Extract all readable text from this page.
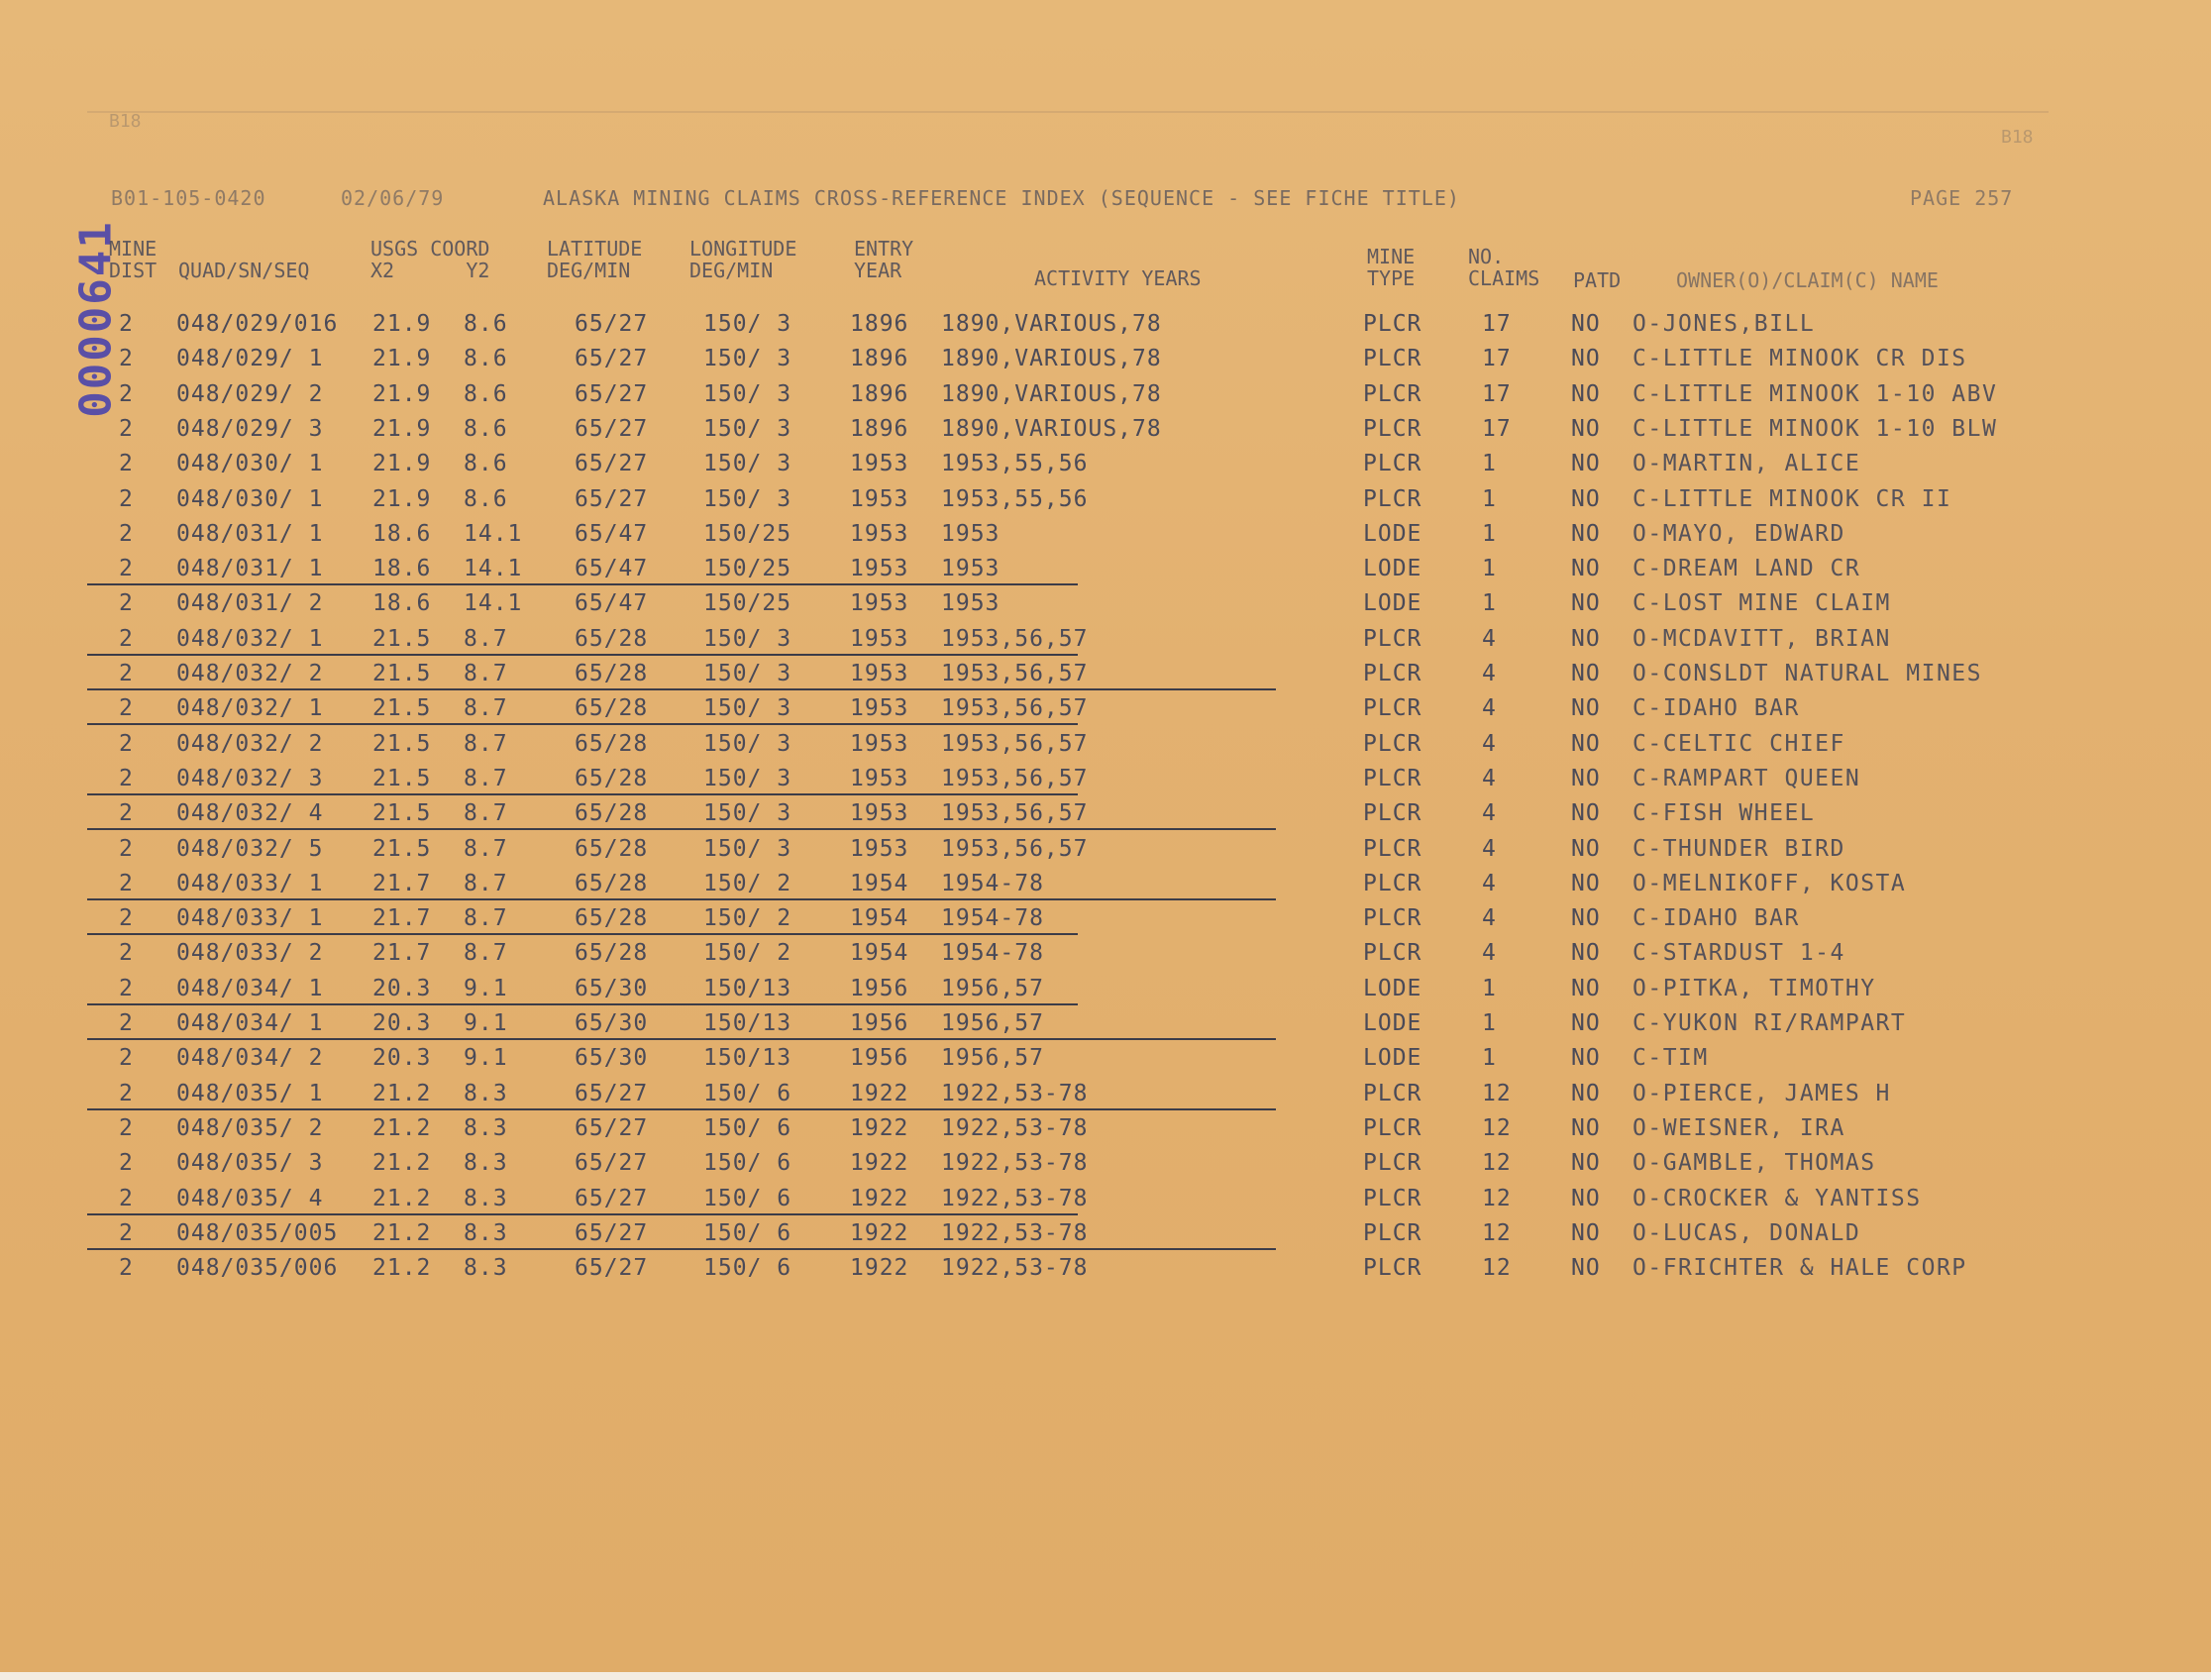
B18
B18
0000641
B01-105-0420	02/06/79	ALASKA MINING CLAIMS CROSS-REFERENCE INDEX (SEQUENCE - SEE FICHE TITLE)	PAGE 257
MINE
DIST QUAD/SN/SEQ
USGS COORD
X2	Y2
LATITUDE
DEG/MIN
LONGITUDE
DEG/MIN
ENTRY
YEAR	ACTIVITY YEARS
MINE
TYPE
NO.
CLAIMS PATD	OWNER(O)/CLAIM(C) NAME
2 048/029/016 21.9 8.6	65/27 150/ 3	1896 1890,VARIOUS,78	PLCR	17	NO O-JONES,BILL
2 048/029/ 1 21.9 8.6	65/27 150/ 3	1896 1890,VARIOUS,78	PLCR	17	NO C-LITTLE MINOOK CR DIS
2 048/029/ 2 21.9 8.6	65/27 150/ 3	1896 1890,VARIOUS,78	PLCR	17	NO C-LITTLE MINOOK 1-10 ABV
2 048/029/ 3 21.9 8.6	65/27 150/ 3	1896 1890,VARIOUS,78	PLCR	17	NO C-LITTLE MINOOK 1-10 BLW
2 048/030/ 1 21.9 8.6	65/27 150/ 3	1953 1953,55,56	PLCR	1	NO O-MARTIN, ALICE
2 048/030/ 1 21.9 8.6	65/27 150/ 3	1953 1953,55,56	PLCR	1	NO C-LITTLE MINOOK CR II
2 048/031/ 1 18.6 14.1 65/47 150/25	1953 1953	LODE	1	NO O-MAYO, EDWARD
2 048/031/ 1 18.6 14.1 65/47 150/25	1953 1953	LODE	1	NO C-DREAM LAND CR
2 048/031/ 2 18.6 14.1 65/47 150/25	1953 1953	LODE	1	NO C-LOST MINE CLAIM
2 048/032/ 1 21.5 8.7	65/28 150/ 3	1953 1953,56,57	PLCR	4	NO O-MCDAVITT, BRIAN
2 048/032/ 2 21.5 8.7	65/28 150/ 3	1953 1953,56,57	PLCR	4	NO O-CONSLDT NATURAL MINES
2 048/032/ 1 21.5 8.7	65/28 150/ 3	1953 1953,56,57	PLCR	4	NO C-IDAHO BAR
2 048/032/ 2 21.5 8.7	65/28 150/ 3	1953 1953,56,57	PLCR	4	NO C-CELTIC CHIEF
2 048/032/ 3 21.5 8.7	65/28 150/ 3	1953 1953,56,57	PLCR	4	NO C-RAMPART QUEEN
2 048/032/ 4 21.5 8.7	65/28 150/ 3	1953 1953,56,57	PLCR	4	NO C-FISH WHEEL
2 048/032/ 5 21.5 8.7	65/28 150/ 3	1953 1953,56,57	PLCR	4	NO C-THUNDER BIRD
2 048/033/ 1 21.7 8.7	65/28 150/ 2	1954 1954-78	PLCR	4	NO O-MELNIKOFF, KOSTA
2 048/033/ 1 21.7 8.7	65/28 150/ 2	1954 1954-78	PLCR	4	NO C-IDAHO BAR
2 048/033/ 2 21.7 8.7	65/28 150/ 2	1954 1954-78	PLCR	4	NO C-STARDUST 1-4
2 048/034/ 1 20.3 9.1	65/30 150/13	1956 1956,57	LODE	1	NO O-PITKA, TIMOTHY
2 048/034/ 1 20.3 9.1	65/30 150/13	1956 1956,57	LODE	1	NO C-YUKON RI/RAMPART
2 048/034/ 2 20.3 9.1	65/30 150/13	1956 1956,57	LODE	1	NO C-TIM
2 048/035/ 1 21.2 8.3	65/27 150/ 6	1922 1922,53-78	PLCR	12	NO O-PIERCE, JAMES H
2 048/035/ 2 21.2 8.3	65/27 150/ 6	1922 1922,53-78	PLCR	12	NO O-WEISNER, IRA
2 048/035/ 3 21.2 8.3	65/27 150/ 6	1922 1922,53-78	PLCR	12	NO O-GAMBLE, THOMAS
2 048/035/ 4 21.2 8.3	65/27 150/ 6	1922 1922,53-78	PLCR	12	NO O-CROCKER & YANTISS
2 048/035/005 21.2 8.3	65/27 150/ 6	1922 1922,53-78	PLCR	12	NO O-LUCAS, DONALD
2 048/035/006 21.2 8.3	65/27 150/ 6	1922 1922,53-78	PLCR	12	NO O-FRICHTER & HALE CORP
